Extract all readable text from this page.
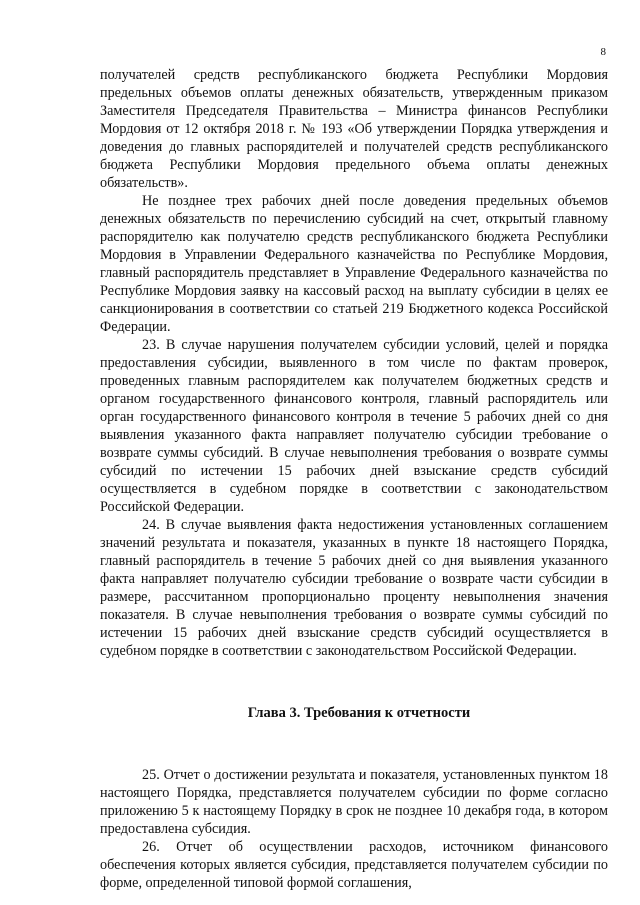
8

получателей средств республиканского бюджета Республики Мордовия предельных объемов оплаты денежных обязательств, утвержденным приказом Заместителя Председателя Правительства – Министра финансов Республики Мордовия от 12 октября 2018 г. № 193 «Об утверждении Порядка утверждения и доведения до главных распорядителей и получателей средств республиканского бюджета Республики Мордовия предельного объема оплаты денежных обязательств».

Не позднее трех рабочих дней после доведения предельных объемов денежных обязательств по перечислению субсидий на счет, открытый главному распорядителю как получателю средств республиканского бюджета Республики Мордовия в Управлении Федерального казначейства по Республике Мордовия, главный распорядитель представляет в Управление Федерального казначейства по Республике Мордовия заявку на кассовый расход на выплату субсидии в целях ее санкционирования в соответствии со статьей 219 Бюджетного кодекса Российской Федерации.

23. В случае нарушения получателем субсидии условий, целей и порядка предоставления субсидии, выявленного в том числе по фактам проверок, проведенных главным распорядителем как получателем бюджетных средств и органом государственного финансового контроля, главный распорядитель или орган государственного финансового контроля в течение 5 рабочих дней со дня выявления указанного факта направляет получателю субсидии требование о возврате суммы субсидий. В случае невыполнения требования о возврате суммы субсидий по истечении 15 рабочих дней взыскание средств субсидий осуществляется в судебном порядке в соответствии с законодательством Российской Федерации.

24. В случае выявления факта недостижения установленных соглашением значений результата и показателя, указанных в пункте 18 настоящего Порядка, главный распорядитель в течение 5 рабочих дней со дня выявления указанного факта направляет получателю субсидии требование о возврате части субсидии в размере, рассчитанном пропорционально проценту невыполнения значения показателя. В случае невыполнения требования о возврате суммы субсидий по истечении 15 рабочих дней взыскание средств субсидий осуществляется в судебном порядке в соответствии с законодательством Российской Федерации.

Глава 3. Требования к отчетности

25. Отчет о достижении результата и показателя, установленных пунктом 18 настоящего Порядка, представляется получателем субсидии по форме согласно приложению 5 к настоящему Порядку в срок не позднее 10 декабря года, в котором предоставлена субсидия.

26. Отчет об осуществлении расходов, источником финансового обеспечения которых является субсидия, представляется получателем субсидии по форме, определенной типовой формой соглашения,
